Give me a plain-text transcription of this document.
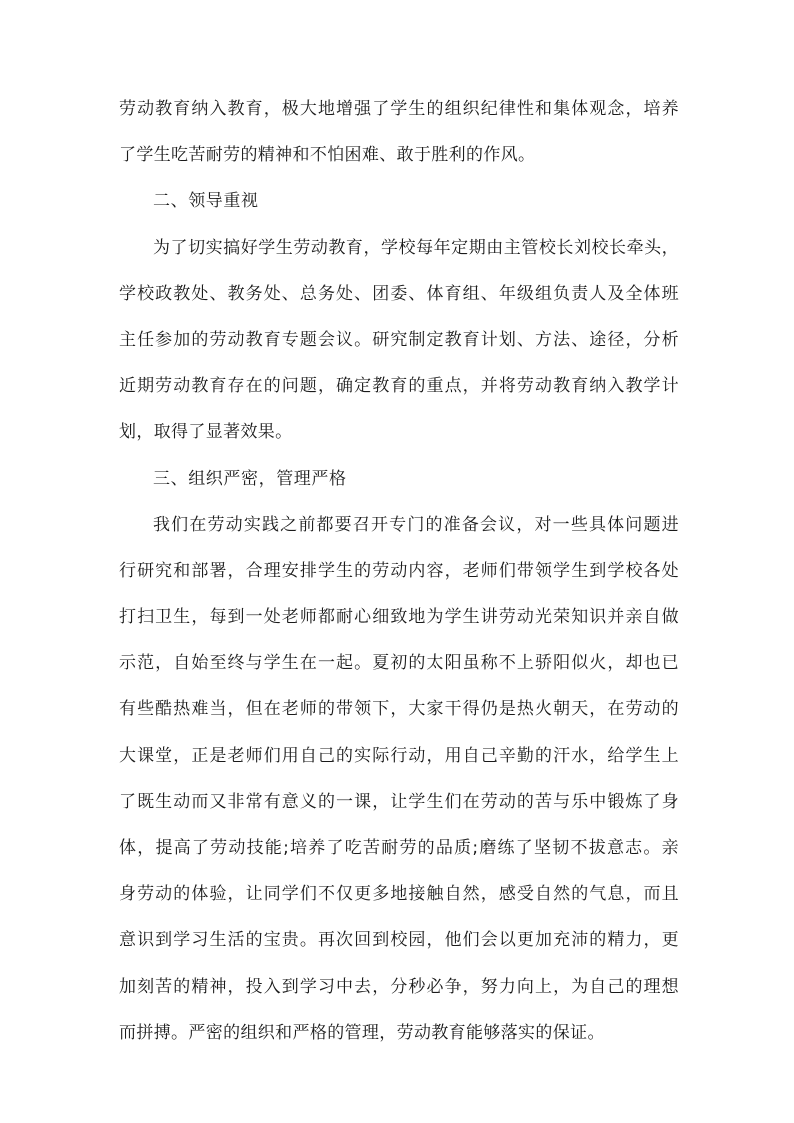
劳动教育纳入教育，极大地增强了学生的组织纪律性和集体观念，培养
了学生吃苦耐劳的精神和不怕困难、敢于胜利的作风。
二、领导重视
为了切实搞好学生劳动教育，学校每年定期由主管校长刘校长牵头，
学校政教处、教务处、总务处、团委、体育组、年级组负责人及全体班
主任参加的劳动教育专题会议。研究制定教育计划、方法、途径，分析
近期劳动教育存在的问题，确定教育的重点，并将劳动教育纳入教学计
划，取得了显著效果。
三、组织严密，管理严格
我们在劳动实践之前都要召开专门的准备会议，对一些具体问题进
行研究和部署，合理安排学生的劳动内容，老师们带领学生到学校各处
打扫卫生，每到一处老师都耐心细致地为学生讲劳动光荣知识并亲自做
示范，自始至终与学生在一起。夏初的太阳虽称不上骄阳似火，却也已
有些酷热难当，但在老师的带领下，大家干得仍是热火朝天，在劳动的
大课堂，正是老师们用自己的实际行动，用自己辛勤的汗水，给学生上
了既生动而又非常有意义的一课，让学生们在劳动的苦与乐中锻炼了身
体，提高了劳动技能;培养了吃苦耐劳的品质;磨练了坚韧不拔意志。亲
身劳动的体验，让同学们不仅更多地接触自然，感受自然的气息，而且
意识到学习生活的宝贵。再次回到校园，他们会以更加充沛的精力，更
加刻苦的精神，投入到学习中去，分秒必争，努力向上，为自己的理想
而拼搏。严密的组织和严格的管理，劳动教育能够落实的保证。
